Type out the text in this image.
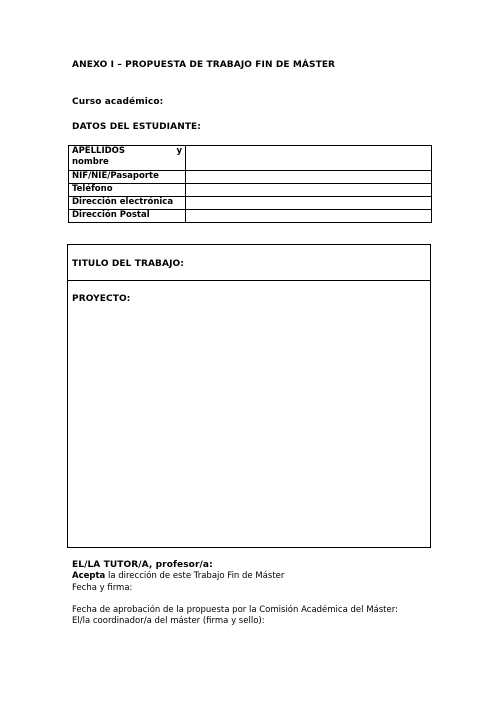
ANEXO I – PROPUESTA DE TRABAJO FIN DE MÁSTER
Curso académico:
DATOS DEL ESTUDIANTE:
APELLIDOS y
nombre	

NIF/NIE/Pasaporte	
Teléfono	
Dirección electrónica	
Dirección Postal	
TITULO DEL TRABAJO:
PROYECTO:
EL/LA TUTOR/A, profesor/a:
Acepta la dirección de este Trabajo Fin de Máster
Fecha y firma:
Fecha de aprobación de la propuesta por la Comisión Académica del Máster:
El/la coordinador/a del máster (firma y sello):
